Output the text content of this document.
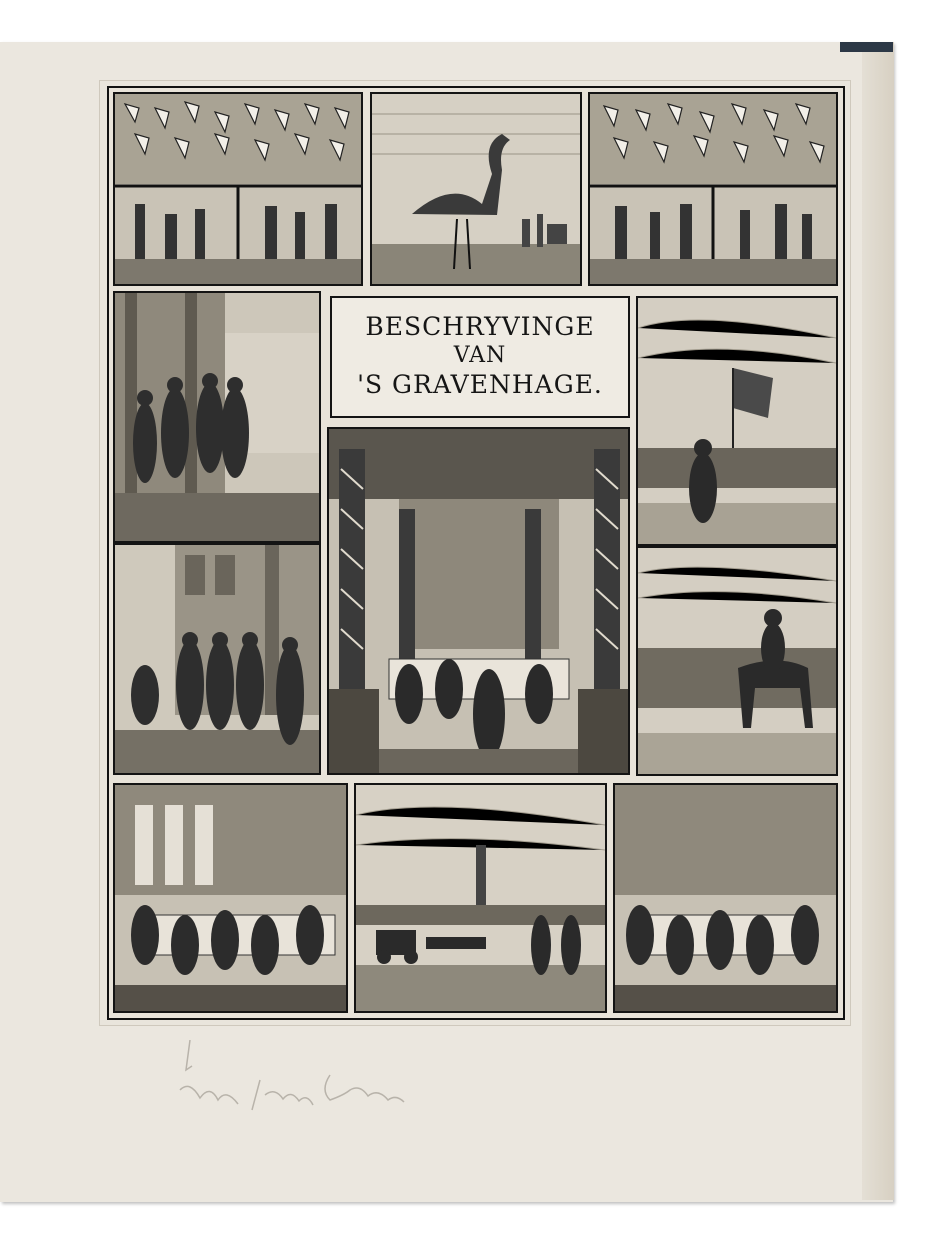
BESCHRYVINGE
VAN
'S GRAVENHAGE.
